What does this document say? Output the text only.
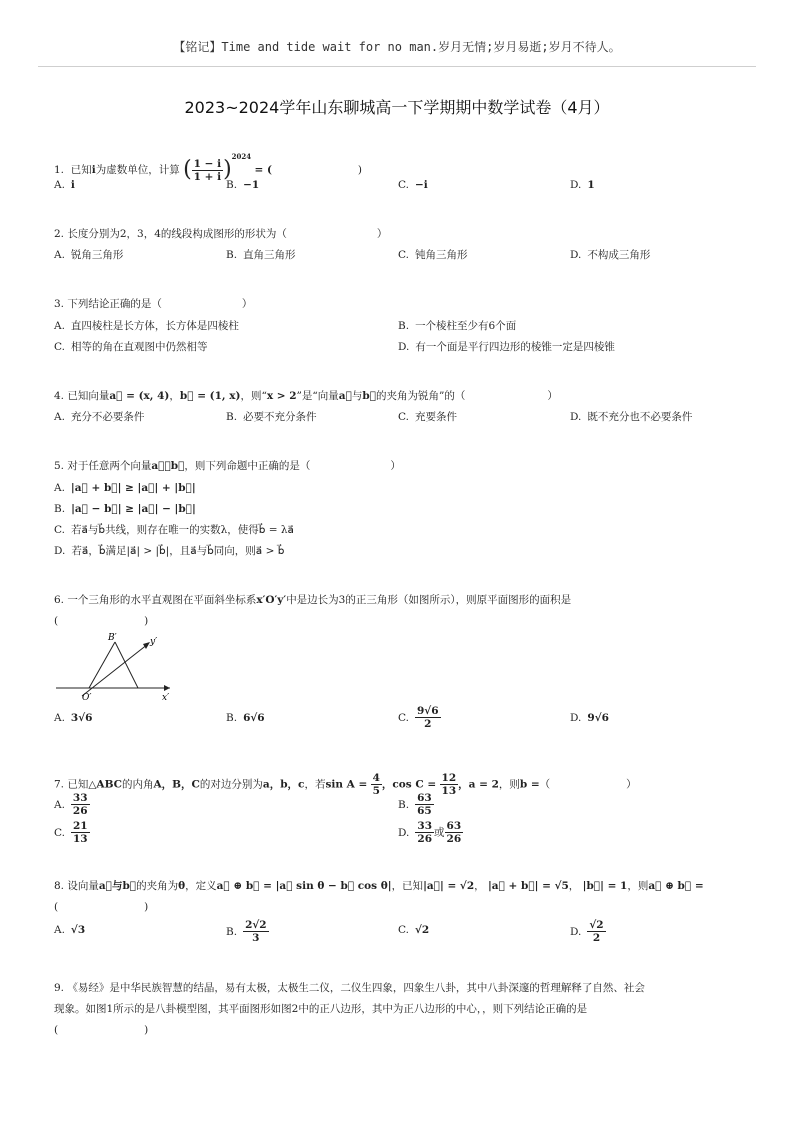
【铭记】Time and tide wait for no man.岁月无情;岁月易逝;岁月不待人。
2023~2024学年山东聊城高一下学期期中数学试卷（4月）
1. 已知i为虚数单位，计算 ( $\frac{1 - i}{1 + i} )^{2024}$ = (	)
A. i	B. −1	C. −i	D. 1
2. 长度分别为2，3，4的线段构成图形的形状为（	）
A. 锐角三角形	B. 直角三角形	C. 钝角三角形	D. 不构成三角形
3. 下列结论正确的是（	）
A. 直四棱柱是长方体，长方体是四棱柱	B. 一个棱柱至少有6个面
C. 相等的角在直观图中仍然相等	D. 有一个面是平行四边形的棱锥一定是四棱锥
4. 已知向量a⃗ = (x, 4)，b⃗ = (1, x)，则“x > 2”是“向量a⃗与b⃗的夹角为锐角”的（	）
A. 充分不必要条件	B. 必要不充分条件	C. 充要条件	D. 既不充分也不必要条件
5. 对于任意两个向量a⃗，b⃗，则下列命题中正确的是（	）
A. |a⃗ + b⃗| ≥ |a⃗| + |b⃗|
B. |a⃗ − b⃗| ≥ |a⃗| − |b⃗|
C. 若a⃗与b⃗共线，则存在唯一的实数λ，使得b⃗ = λa⃗
D. 若a⃗，b⃗满足|a⃗| > |b⃗|，且a⃗与b⃗同向，则a⃗ > b⃗
6. 一个三角形的水平直观图在平面斜坐标系x′O′y′中是边长为3的正三角形（如图所示），则原平面图形的面积是
(	)
A. 3√6	B. 6√6	C. $\frac{9√6}{2}$	D. 9√6
B′	y′
O′	x′
7. 已知△ABC的内角A，B，C的对边分别为a，b，c，若$\sin A = \frac{4}{5}$ ，$\cos C = \frac{12}{13}$ ，a = 2，则b =（	）
A. $\frac{33}{26}$	B. $\frac{63}{65}$
C. $\frac{21}{13}$	D. $\frac{33}{26}$ 或 $\frac{63}{26}$
8. 设向量a⃗与b⃗的夹角为θ，定义a⃗ ⊕ b⃗ = |a⃗ sin θ − b⃗ cos θ|，已知|a⃗| = √2， |a⃗ + b⃗| = √5， |b⃗| = 1，则a⃗ ⊕ b⃗ =
(	)
A. √3	B. $\frac{2√2}{3}$	C. √2	D. $\frac{√2}{2}$
9. 《易经》是中华民族智慧的结晶，易有太极，太极生二仪，二仪生四象，四象生八卦，其中八卦深邃的哲理解释了自然、社会
现象。如图1所示的是八卦模型图，其平面图形如图2中的正八边形，其中为正八边形的中心，，则下列结论正确的是
(	)
